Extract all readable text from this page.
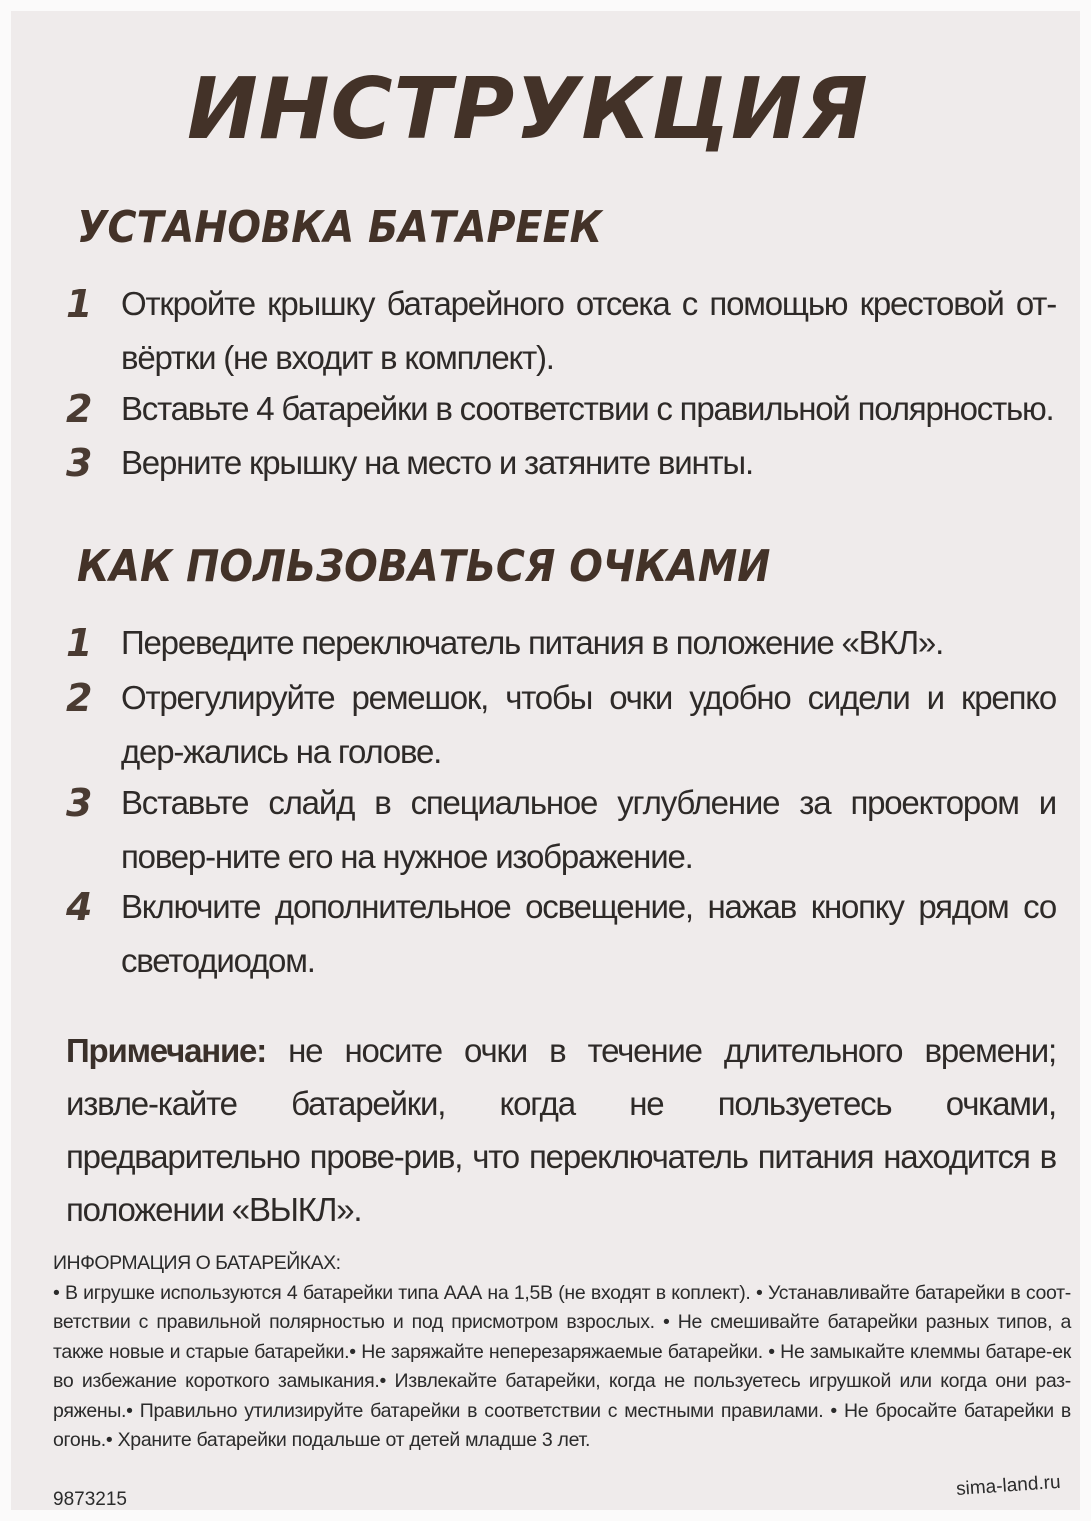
ИНСТРУКЦИЯ
УСТАНОВКА БАТАРЕЕК
1 Откройте крышку батарейного отсека с помощью крестовой от-вёртки (не входит в комплект).
2 Вставьте 4 батарейки в соответствии с правильной полярностью.
3 Верните крышку на место и затяните винты.
КАК ПОЛЬЗОВАТЬСЯ ОЧКАМИ
1 Переведите переключатель питания в положение «ВКЛ».
2 Отрегулируйте ремешок, чтобы очки удобно сидели и крепко дер-жались на голове.
3 Вставьте слайд в специальное углубление за проектором и повер-ните его на нужное изображение.
4 Включите дополнительное освещение, нажав кнопку рядом со светодиодом.
Примечание: не носите очки в течение длительного времени; извле-кайте батарейки, когда не пользуетесь очками, предварительно прове-рив, что переключатель питания находится в положении «ВЫКЛ».
ИНФОРМАЦИЯ О БАТАРЕЙКАХ:
• В игрушке используются 4 батарейки типа ААА на 1,5В (не входят в коплект). • Устанавливайте батарейки в соот-ветствии с правильной полярностью и под присмотром взрослых. • Не смешивайте батарейки разных типов, а также новые и старые батарейки.• Не заряжайте неперезаряжаемые батарейки. • Не замыкайте клеммы батаре-ек во избежание короткого замыкания.• Извлекайте батарейки, когда не пользуетесь игрушкой или когда они раз-ряжены.• Правильно утилизируйте батарейки в соответствии с местными правилами. • Не бросайте батарейки в огонь.• Храните батарейки подальше от детей младше 3 лет.
9873215	sima-land.ru
